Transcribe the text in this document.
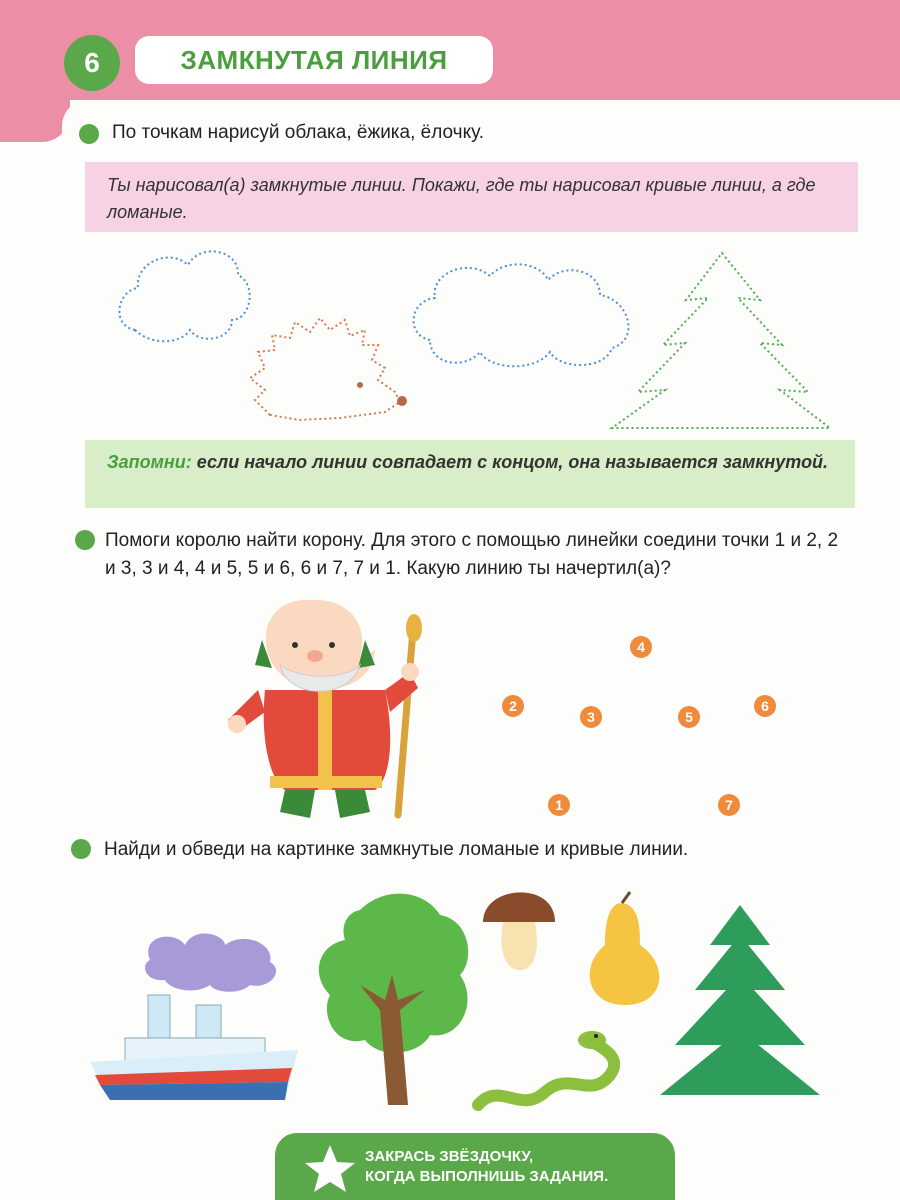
6	ЗАМКНУТАЯ ЛИНИЯ
По точкам нарисуй облака, ёжика, ёлочку.

Ты нарисовал(а) замкнутые линии. Покажи, где ты нарисовал кривые линии, а где ломаные.

Запомни: если начало линии совпадает с концом, она называется замкнутой.

Помоги королю найти корону. Для этого с помощью линейки соедини точки 1 и 2, 2 и 3, 3 и 4, 4 и 5, 5 и 6, 6 и 7, 7 и 1. Какую линию ты начертил(а)?
1
2
3
4
5
6
7
Найди и обведи на картинке замкнутые ломаные и кривые линии.
ЗАКРАСЬ ЗВЁЗДОЧКУ,
КОГДА ВЫПОЛНИШЬ ЗАДАНИЯ.
